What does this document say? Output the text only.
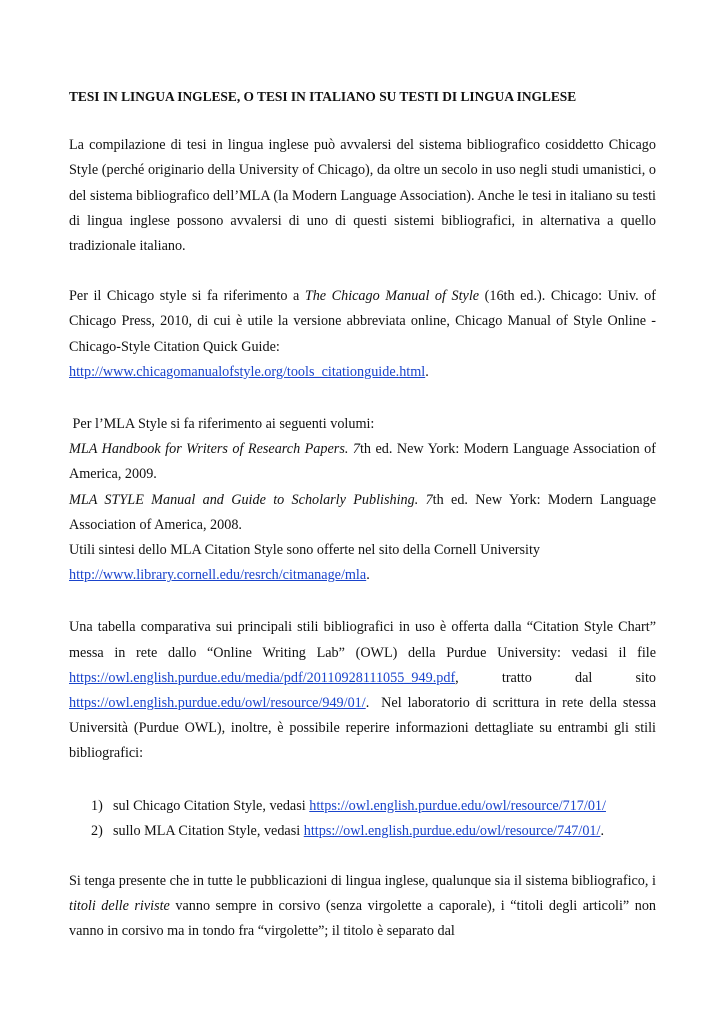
TESI IN LINGUA INGLESE, O TESI IN ITALIANO SU TESTI DI LINGUA INGLESE

La compilazione di tesi in lingua inglese può avvalersi del sistema bibliografico cosiddetto Chicago Style (perché originario della University of Chicago), da oltre un secolo in uso negli studi umanistici, o del sistema bibliografico dell’MLA (la Modern Language Association). Anche le tesi in italiano su testi di lingua inglese possono avvalersi di uno di questi sistemi bibliografici, in alternativa a quello tradizionale italiano.

Per il Chicago style si fa riferimento a The Chicago Manual of Style (16th ed.). Chicago: Univ. of Chicago Press, 2010, di cui è utile la versione abbreviata online, Chicago Manual of Style Online - Chicago-Style Citation Quick Guide:
http://www.chicagomanualofstyle.org/tools_citationguide.html.

Per l’MLA Style si fa riferimento ai seguenti volumi:
MLA Handbook for Writers of Research Papers. 7th ed. New York: Modern Language Association of America, 2009.
MLA STYLE Manual and Guide to Scholarly Publishing. 7th ed. New York: Modern Language Association of America, 2008.
Utili sintesi dello MLA Citation Style sono offerte nel sito della Cornell University
http://www.library.cornell.edu/resrch/citmanage/mla.

Una tabella comparativa sui principali stili bibliografici in uso è offerta dalla “Citation Style Chart” messa in rete dallo “Online Writing Lab” (OWL) della Purdue University: vedasi il file https://owl.english.purdue.edu/media/pdf/20110928111055_949.pdf, tratto dal sito https://owl.english.purdue.edu/owl/resource/949/01/.  Nel laboratorio di scrittura in rete della stessa Università (Purdue OWL), inoltre, è possibile reperire informazioni dettagliate su entrambi gli stili bibliografici:

1) sul Chicago Citation Style, vedasi https://owl.english.purdue.edu/owl/resource/717/01/
2) sullo MLA Citation Style, vedasi https://owl.english.purdue.edu/owl/resource/747/01/.

Si tenga presente che in tutte le pubblicazioni di lingua inglese, qualunque sia il sistema bibliografico, i titoli delle riviste vanno sempre in corsivo (senza virgolette a caporale), i “titoli degli articoli” non vanno in corsivo ma in tondo fra “virgolette”; il titolo è separato dal
